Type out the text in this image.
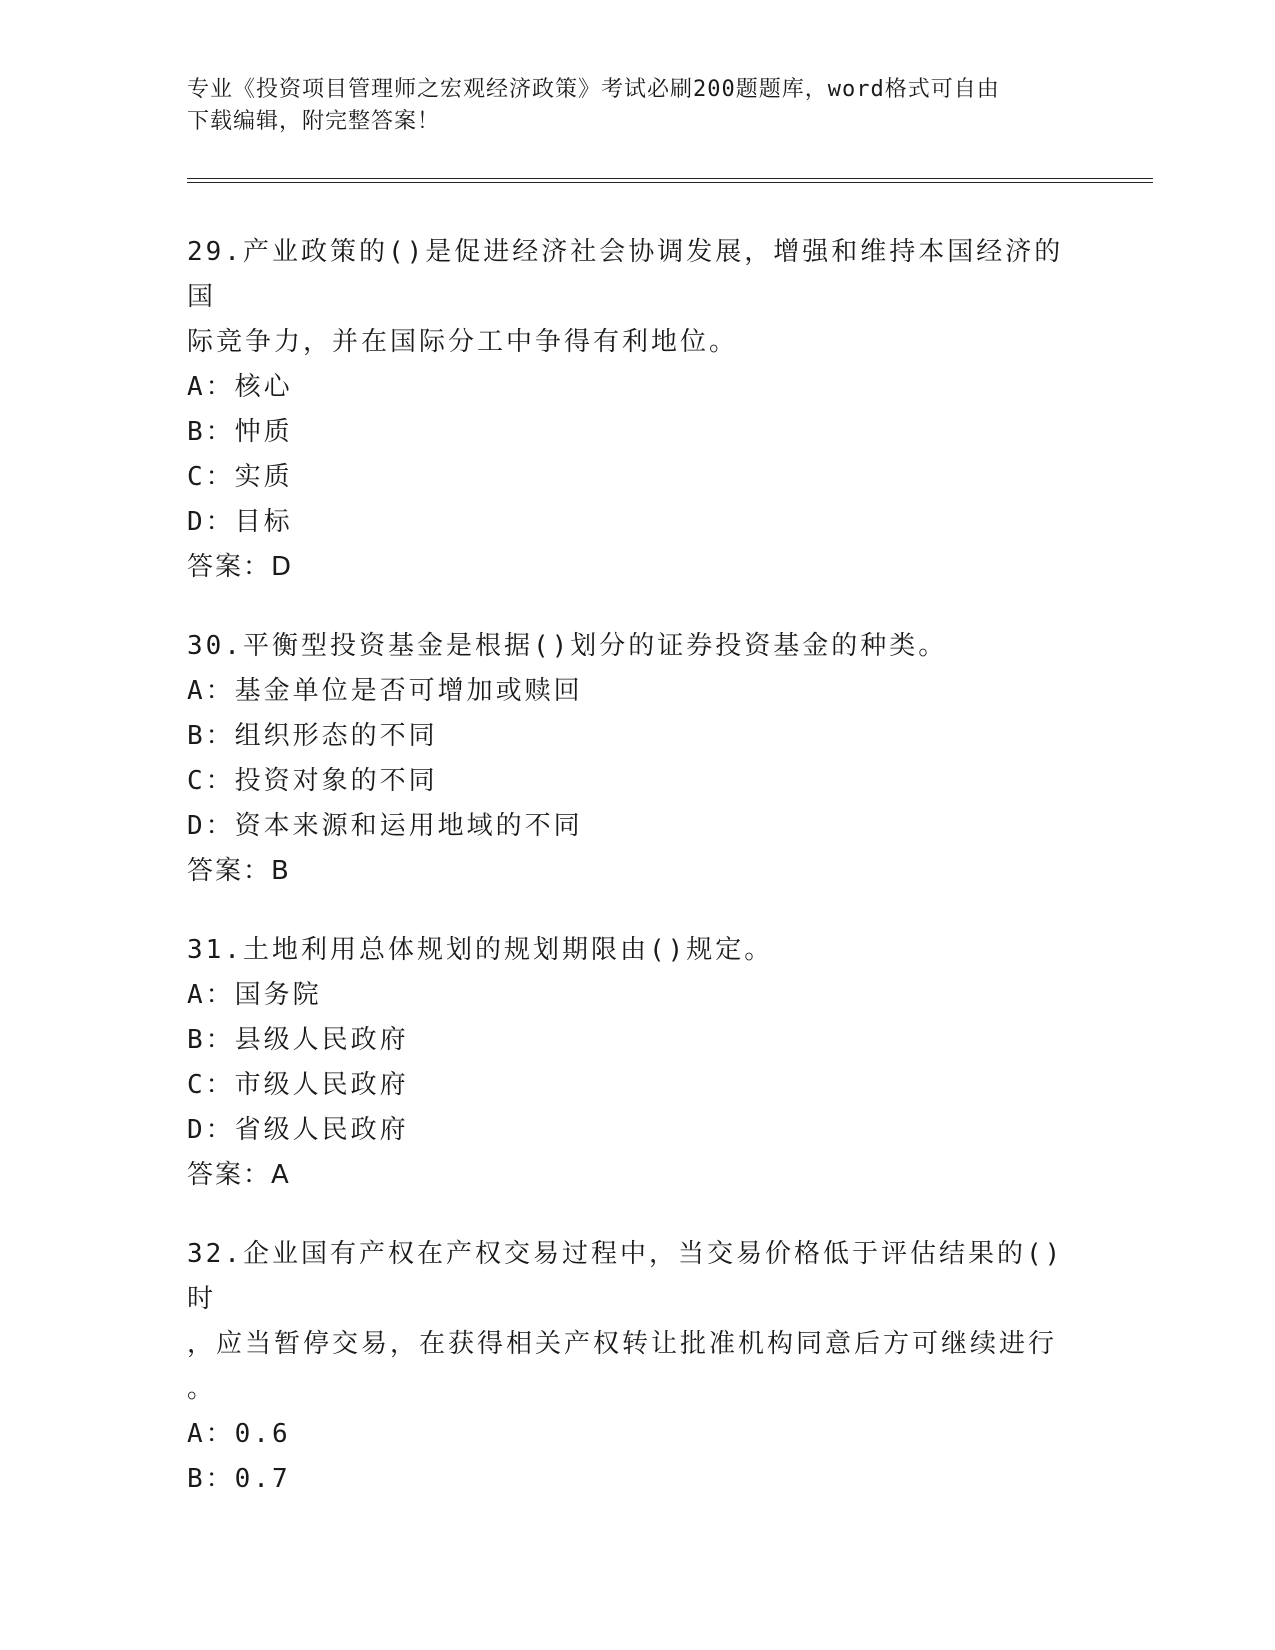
专业《投资项目管理师之宏观经济政策》考试必刷200题题库，word格式可自由
下载编辑，附完整答案！

29.产业政策的()是促进经济社会协调发展，增强和维持本国经济的国

际竞争力，并在国际分工中争得有利地位。

A：核心

B：忡质

C：实质

D：目标

答案：D

30.平衡型投资基金是根据()划分的证券投资基金的种类。

A：基金单位是否可增加或赎回

B：组织形态的不同

C：投资对象的不同

D：资本来源和运用地域的不同

答案：B

31.土地利用总体规划的规划期限由()规定。

A：国务院

B：县级人民政府

C：市级人民政府

D：省级人民政府

答案：A

32.企业国有产权在产权交易过程中，当交易价格低于评估结果的()时

，应当暂停交易，在获得相关产权转让批准机构同意后方可继续进行

。

A：0.6

B：0.7
